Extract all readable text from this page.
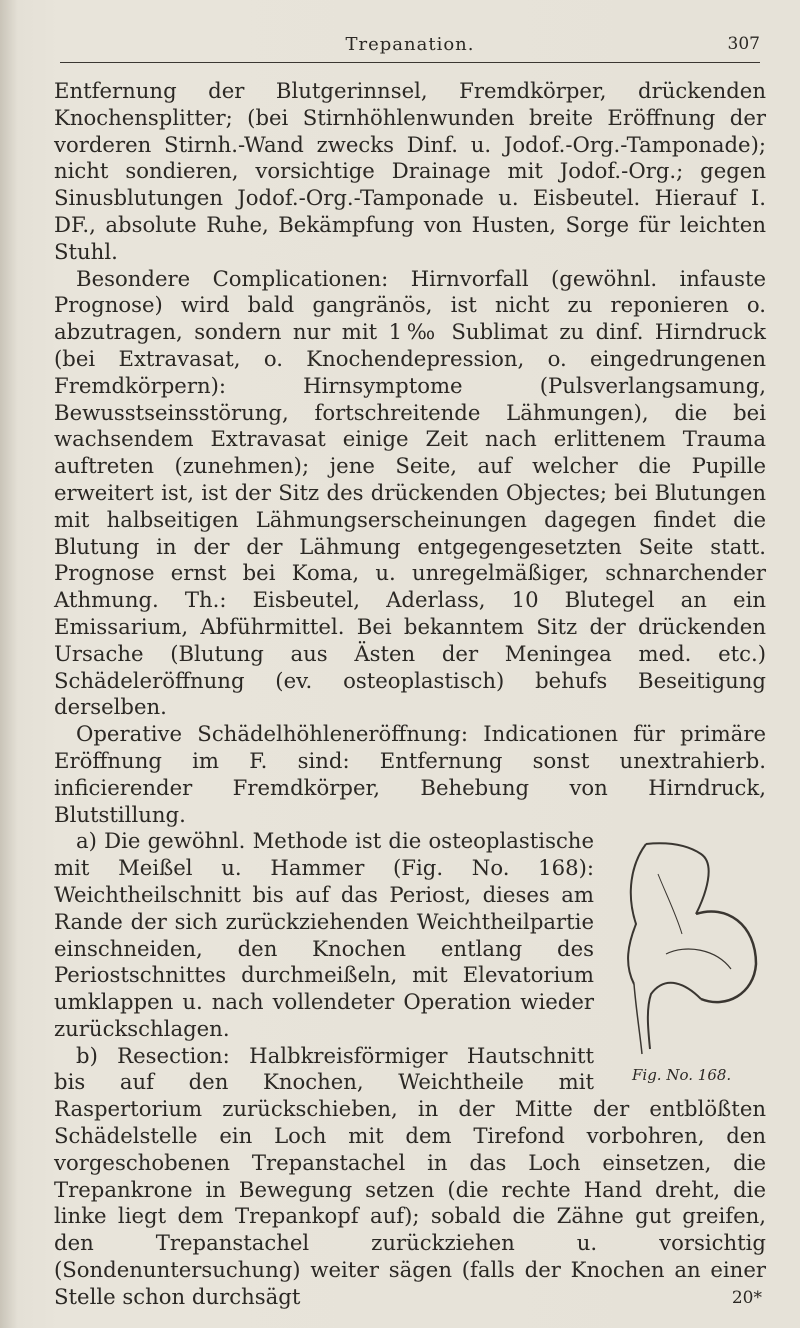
Trepanation.	307

Entfernung der Blutgerinnsel, Fremdkörper, drückenden Knochensplitter; (bei Stirnhöhlenwunden breite Eröffnung der vorderen Stirnh.-Wand zwecks Dinf. u. Jodof.-Org.-Tamponade); nicht sondieren, vorsichtige Drainage mit Jodof.-Org.; gegen Sinusblutungen Jodof.-Org.-Tamponade u. Eisbeutel. Hierauf I. DF., absolute Ruhe, Bekämpfung von Husten, Sorge für leichten Stuhl.

Besondere Complicationen: Hirnvorfall (gewöhnl. infauste Prognose) wird bald gangränös, ist nicht zu reponieren o. abzutragen, sondern nur mit 1‰ Sublimat zu dinf. Hirndruck (bei Extravasat, o. Knochendepression, o. eingedrungenen Fremdkörpern): Hirnsymptome (Pulsverlangsamung, Bewusstseinsstörung, fortschreitende Lähmungen), die bei wachsendem Extravasat einige Zeit nach erlittenem Trauma auftreten (zunehmen); jene Seite, auf welcher die Pupille erweitert ist, ist der Sitz des drückenden Objectes; bei Blutungen mit halbseitigen Lähmungserscheinungen dagegen findet die Blutung in der der Lähmung entgegengesetzten Seite statt. Prognose ernst bei Koma, u. unregelmäßiger, schnarchender Athmung. Th.: Eisbeutel, Aderlass, 10 Blutegel an ein Emissarium, Abführmittel. Bei bekanntem Sitz der drückenden Ursache (Blutung aus Ästen der Meningea med. etc.) Schädeleröffnung (ev. osteoplastisch) behufs Beseitigung derselben.

Operative Schädelhöhleneröffnung: Indicationen für primäre Eröffnung im F. sind: Entfernung sonst unextrahierb. inficierender Fremdkörper, Behebung von Hirndruck, Blutstillung.

Fig. No. 168.

a) Die gewöhnl. Methode ist die osteoplastische mit Meißel u. Hammer (Fig. No. 168): Weichtheilschnitt bis auf das Periost, dieses am Rande der sich zurückziehenden Weichtheilpartie einschneiden, den Knochen entlang des Periostschnittes durchmeißeln, mit Elevatorium umklappen u. nach vollendeter Operation wieder zurückschlagen.

b) Resection: Halbkreisförmiger Hautschnitt bis auf den Knochen, Weichtheile mit Raspertorium zurückschieben, in der Mitte der entblößten Schädelstelle ein Loch mit dem Tirefond vorbohren, den vorgeschobenen Trepanstachel in das Loch einsetzen, die Trepankrone in Bewegung setzen (die rechte Hand dreht, die linke liegt dem Trepankopf auf); sobald die Zähne gut greifen, den Trepanstachel zurückziehen u. vorsichtig (Sondenuntersuchung) weiter sägen (falls der Knochen an einer Stelle schon durchsägt	20*
